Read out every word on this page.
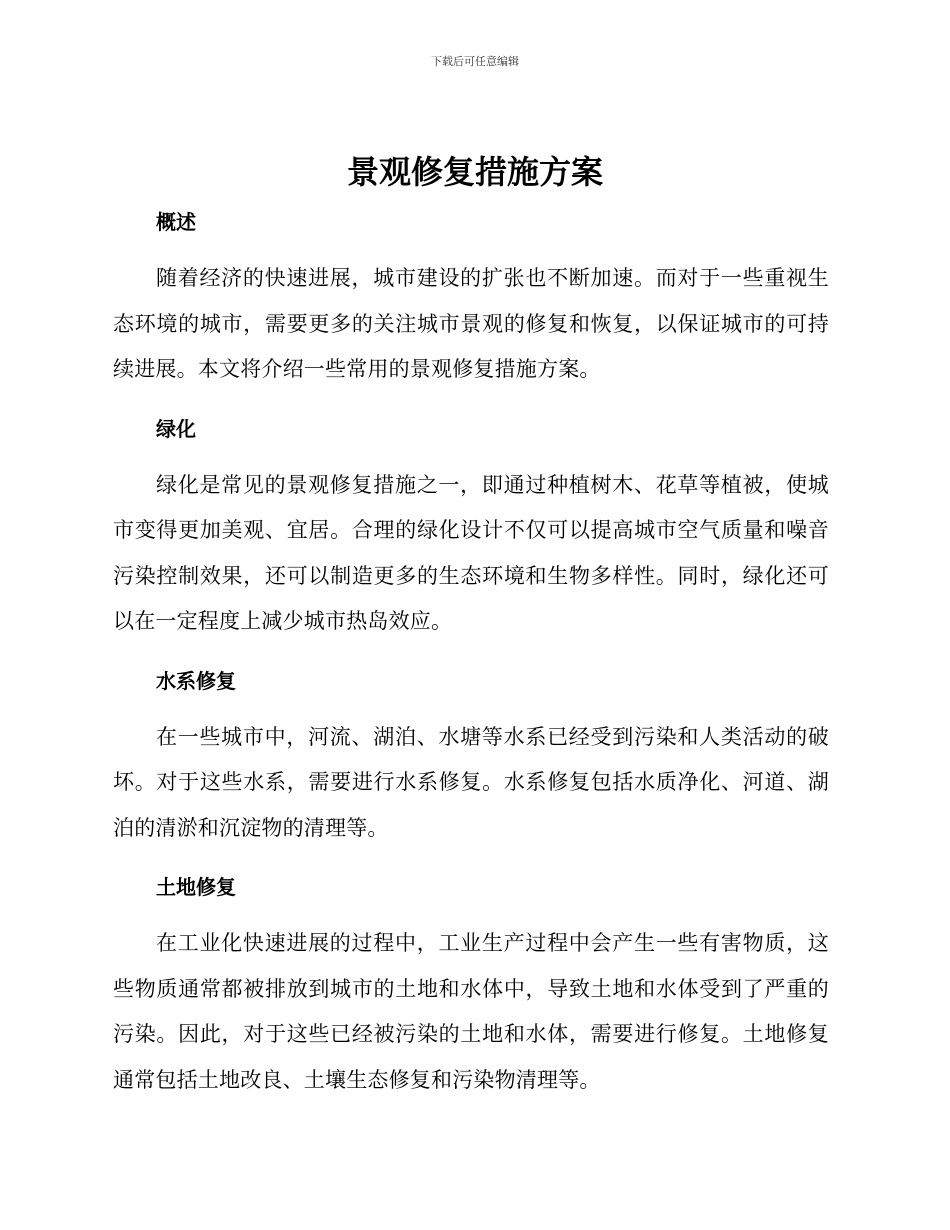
下载后可任意编辑
景观修复措施方案
概述

随着经济的快速进展，城市建设的扩张也不断加速。而对于一些重视生态环境的城市，需要更多的关注城市景观的修复和恢复，以保证城市的可持续进展。本文将介绍一些常用的景观修复措施方案。

绿化

绿化是常见的景观修复措施之一，即通过种植树木、花草等植被，使城市变得更加美观、宜居。合理的绿化设计不仅可以提高城市空气质量和噪音污染控制效果，还可以制造更多的生态环境和生物多样性。同时，绿化还可以在一定程度上减少城市热岛效应。

水系修复

在一些城市中，河流、湖泊、水塘等水系已经受到污染和人类活动的破坏。对于这些水系，需要进行水系修复。水系修复包括水质净化、河道、湖泊的清淤和沉淀物的清理等。

土地修复

在工业化快速进展的过程中，工业生产过程中会产生一些有害物质，这些物质通常都被排放到城市的土地和水体中，导致土地和水体受到了严重的污染。因此，对于这些已经被污染的土地和水体，需要进行修复。土地修复通常包括土地改良、土壤生态修复和污染物清理等。
